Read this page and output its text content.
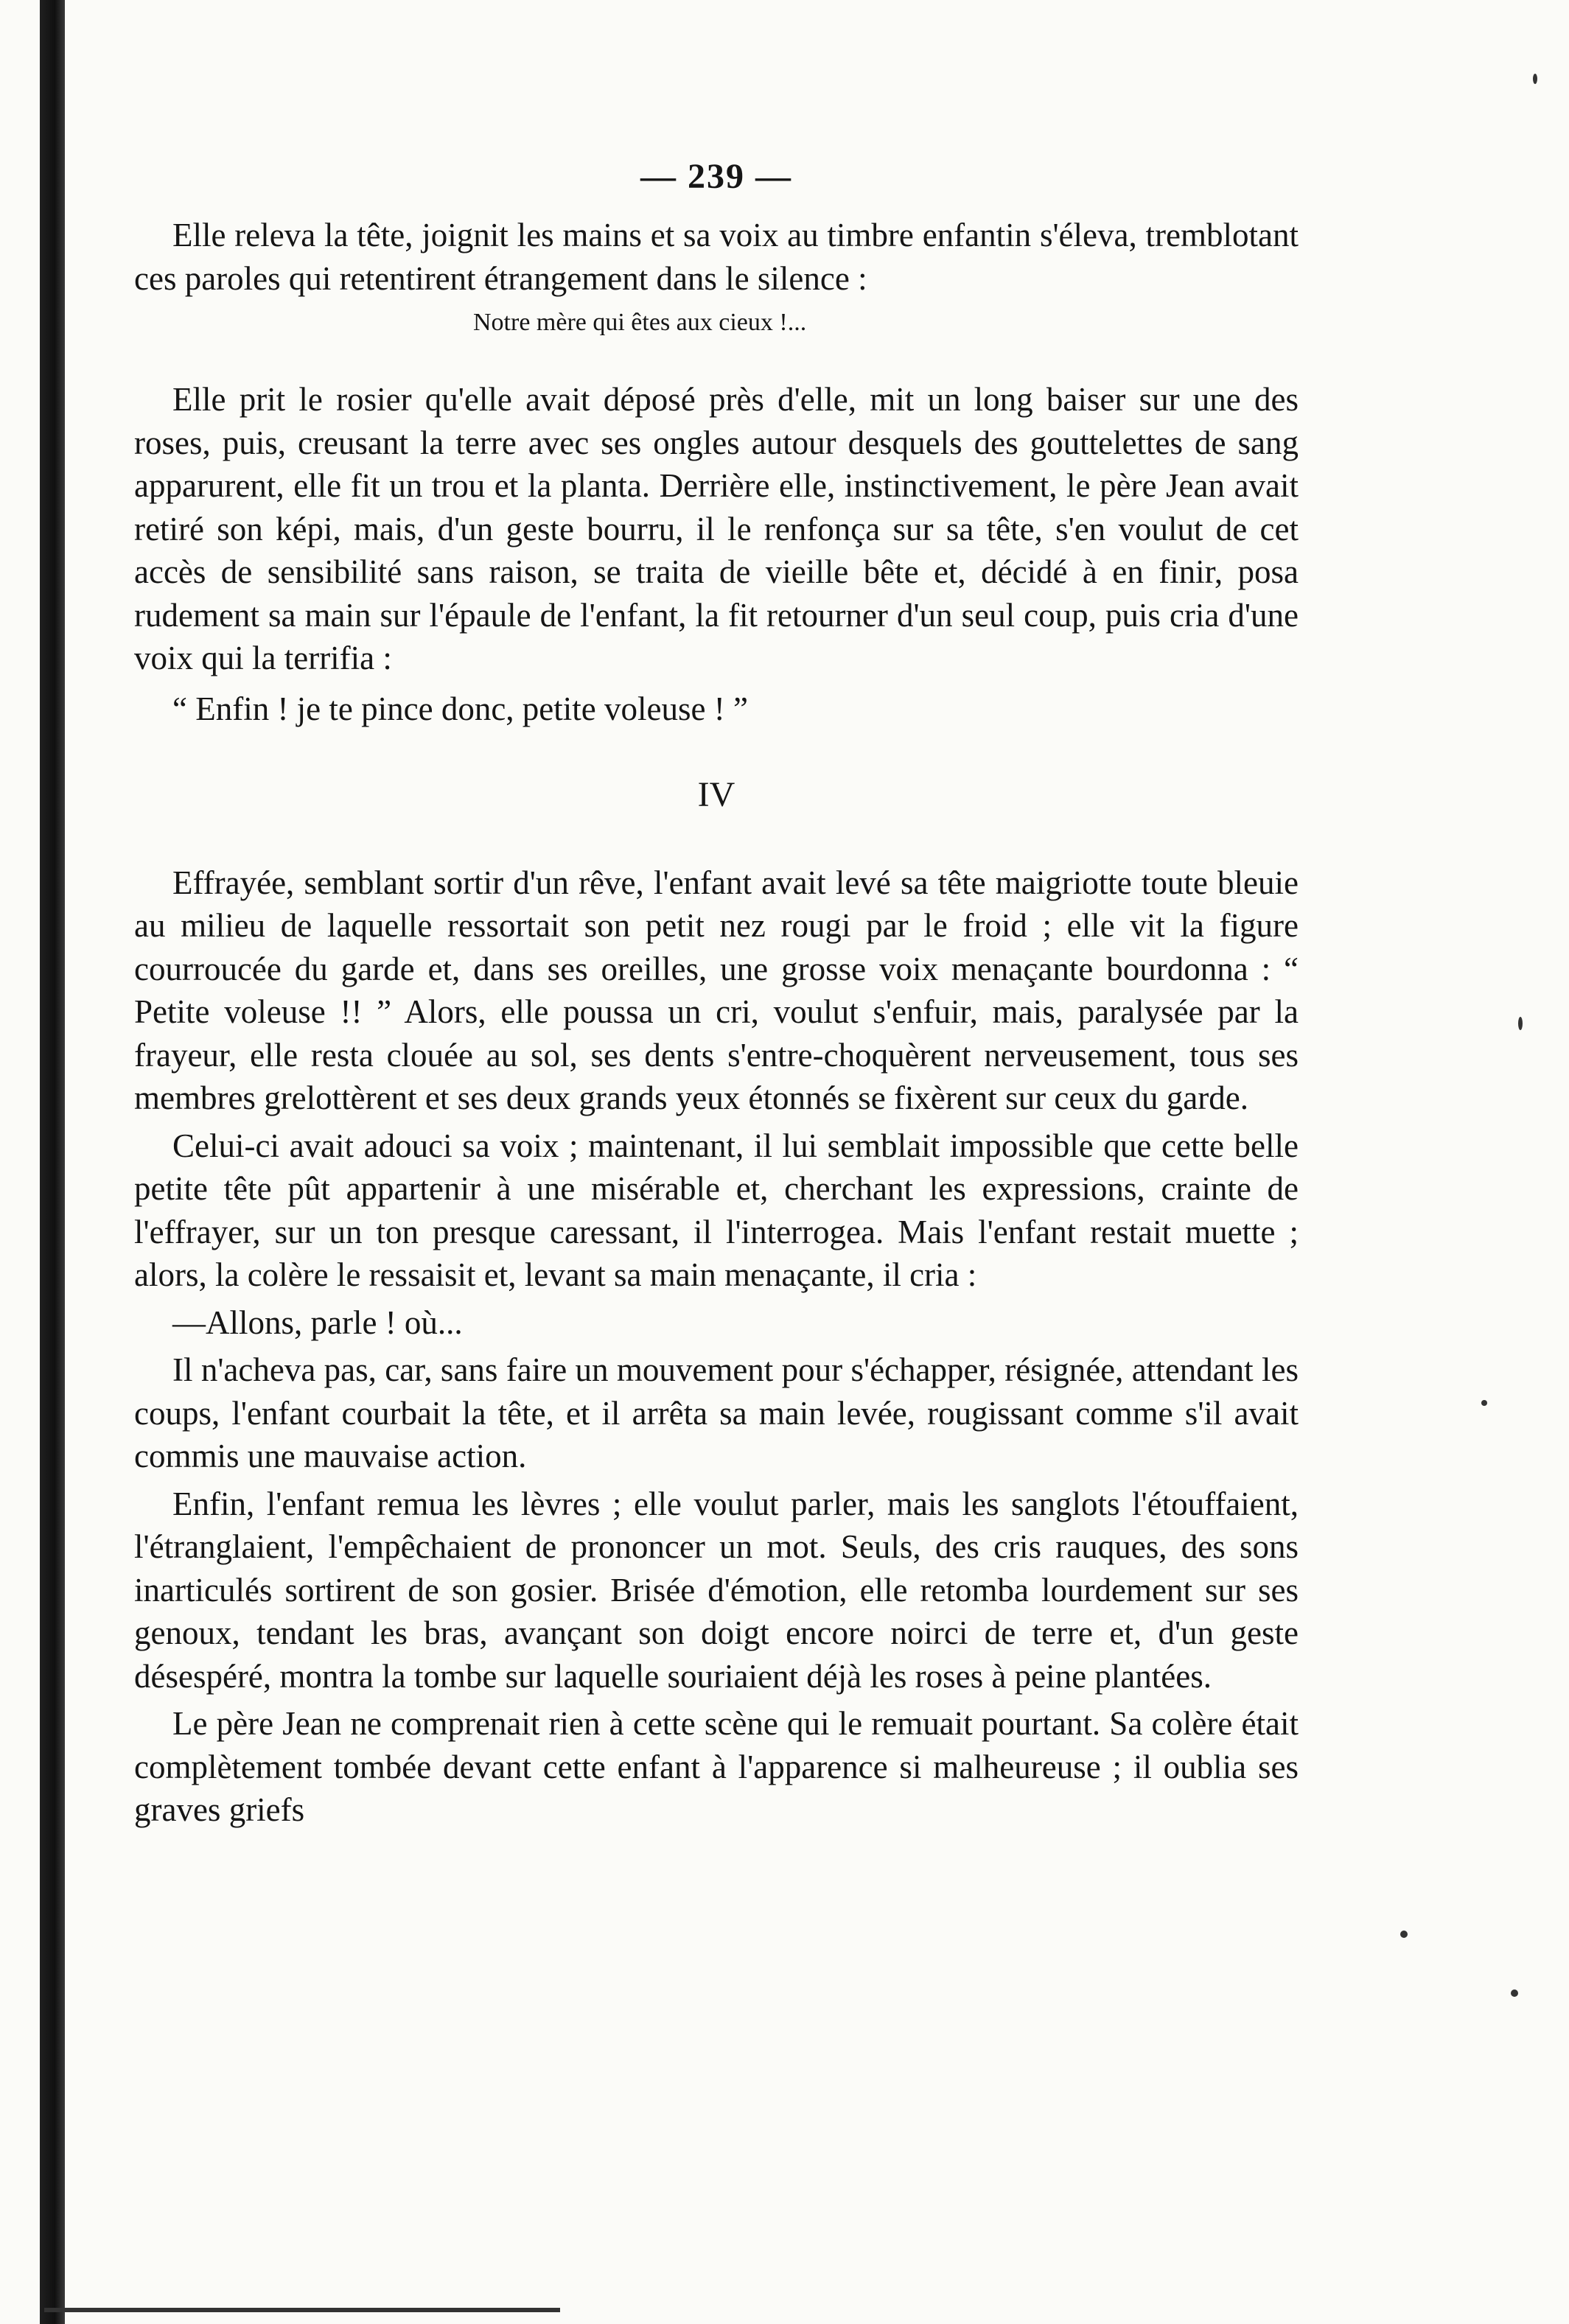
— 239 —

Elle releva la tête, joignit les mains et sa voix au timbre enfantin s'éleva, tremblotant ces paroles qui retentirent étrangement dans le silence :

Notre mère qui êtes aux cieux !...

Elle prit le rosier qu'elle avait déposé près d'elle, mit un long baiser sur une des roses, puis, creusant la terre avec ses ongles autour desquels des gouttelettes de sang apparurent, elle fit un trou et la planta. Derrière elle, instinctivement, le père Jean avait retiré son képi, mais, d'un geste bourru, il le renfonça sur sa tête, s'en voulut de cet accès de sensibilité sans raison, se traita de vieille bête et, décidé à en finir, posa rudement sa main sur l'épaule de l'enfant, la fit retourner d'un seul coup, puis cria d'une voix qui la terrifia :

“ Enfin ! je te pince donc, petite voleuse ! ”
IV

Effrayée, semblant sortir d'un rêve, l'enfant avait levé sa tête maigriotte toute bleuie au milieu de laquelle ressortait son petit nez rougi par le froid ; elle vit la figure courroucée du garde et, dans ses oreilles, une grosse voix menaçante bourdonna : “ Petite voleuse !! ” Alors, elle poussa un cri, voulut s'enfuir, mais, paralysée par la frayeur, elle resta clouée au sol, ses dents s'entre-choquèrent nerveusement, tous ses membres grelottèrent et ses deux grands yeux étonnés se fixèrent sur ceux du garde.

Celui-ci avait adouci sa voix ; maintenant, il lui semblait impossible que cette belle petite tête pût appartenir à une misérable et, cherchant les expressions, crainte de l'effrayer, sur un ton presque caressant, il l'interrogea. Mais l'enfant restait muette ; alors, la colère le ressaisit et, levant sa main menaçante, il cria :

—Allons, parle ! où...

Il n'acheva pas, car, sans faire un mouvement pour s'échapper, résignée, attendant les coups, l'enfant courbait la tête, et il arrêta sa main levée, rougissant comme s'il avait commis une mauvaise action.

Enfin, l'enfant remua les lèvres ; elle voulut parler, mais les sanglots l'étouffaient, l'étranglaient, l'empêchaient de prononcer un mot. Seuls, des cris rauques, des sons inarticulés sortirent de son gosier. Brisée d'émotion, elle retomba lourdement sur ses genoux, tendant les bras, avançant son doigt encore noirci de terre et, d'un geste désespéré, montra la tombe sur laquelle souriaient déjà les roses à peine plantées.

Le père Jean ne comprenait rien à cette scène qui le remuait pourtant. Sa colère était complètement tombée devant cette enfant à l'apparence si malheureuse ; il oublia ses graves griefs
